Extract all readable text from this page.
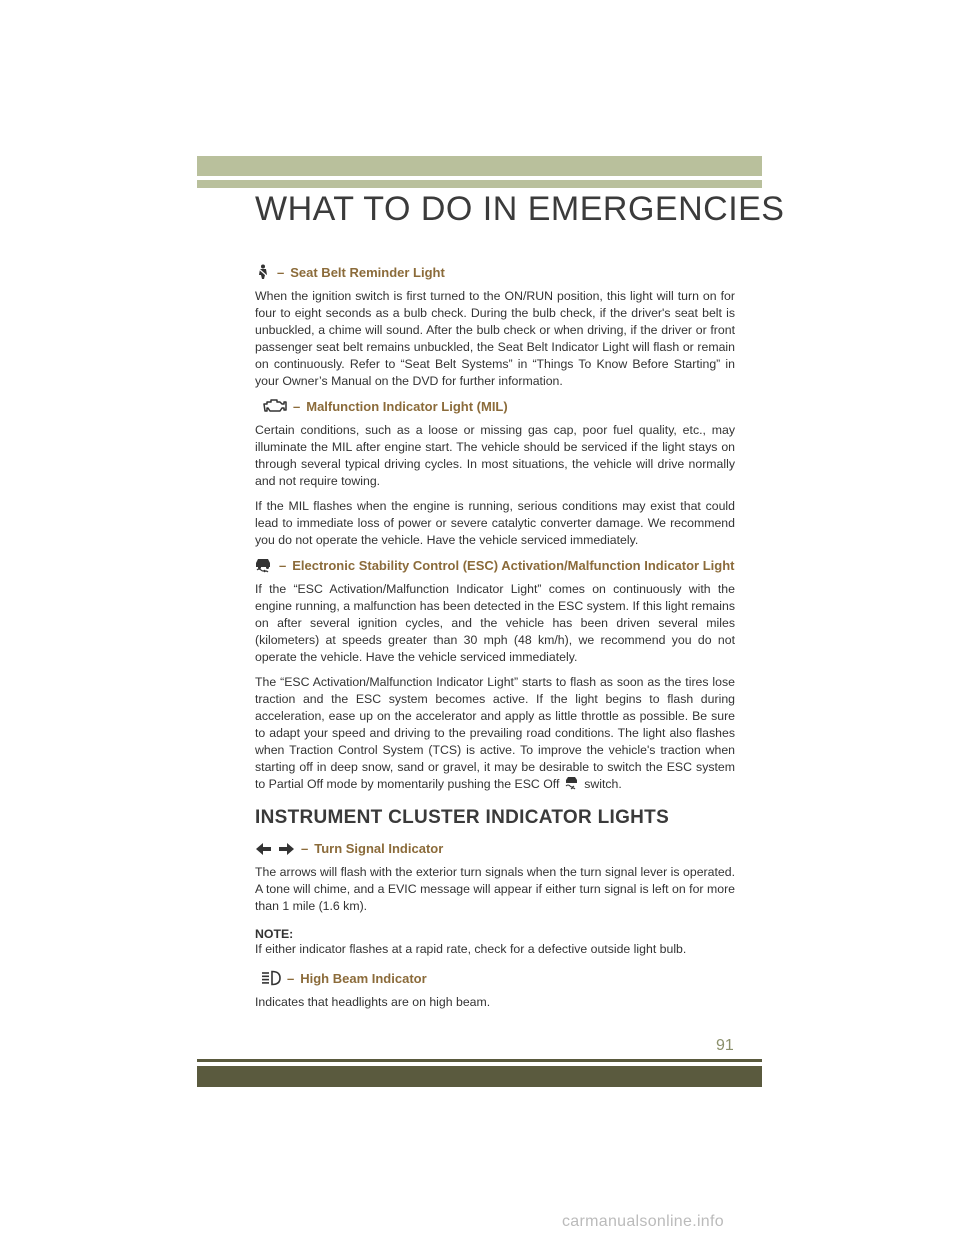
WHAT TO DO IN EMERGENCIES
– Seat Belt Reminder Light

When the ignition switch is first turned to the ON/RUN position, this light will turn on for four to eight seconds as a bulb check. During the bulb check, if the driver's seat belt is unbuckled, a chime will sound. After the bulb check or when driving, if the driver or front passenger seat belt remains unbuckled, the Seat Belt Indicator Light will flash or remain on continuously. Refer to “Seat Belt Systems” in “Things To Know Before Starting” in your Owner’s Manual on the DVD for further information.

– Malfunction Indicator Light (MIL)

Certain conditions, such as a loose or missing gas cap, poor fuel quality, etc., may illuminate the MIL after engine start. The vehicle should be serviced if the light stays on through several typical driving cycles. In most situations, the vehicle will drive normally and not require towing.

If the MIL flashes when the engine is running, serious conditions may exist that could lead to immediate loss of power or severe catalytic converter damage. We recommend you do not operate the vehicle. Have the vehicle serviced immediately.

– Electronic Stability Control (ESC) Activation/Malfunction Indicator Light

If the “ESC Activation/Malfunction Indicator Light” comes on continuously with the engine running, a malfunction has been detected in the ESC system. If this light remains on after several ignition cycles, and the vehicle has been driven several miles (kilometers) at speeds greater than 30 mph (48 km/h), we recommend you do not operate the vehicle. Have the vehicle serviced immediately.

The “ESC Activation/Malfunction Indicator Light” starts to flash as soon as the tires lose traction and the ESC system becomes active. If the light begins to flash during acceleration, ease up on the accelerator and apply as little throttle as possible. Be sure to adapt your speed and driving to the prevailing road conditions. The light also flashes when Traction Control System (TCS) is active. To improve the vehicle's traction when starting off in deep snow, sand or gravel, it may be desirable to switch the ESC system to Partial Off mode by momentarily pushing the ESC Off switch.

INSTRUMENT CLUSTER INDICATOR LIGHTS
– Turn Signal Indicator

The arrows will flash with the exterior turn signals when the turn signal lever is operated. A tone will chime, and a EVIC message will appear if either turn signal is left on for more than 1 mile (1.6 km).

NOTE:

If either indicator flashes at a rapid rate, check for a defective outside light bulb.

– High Beam Indicator

Indicates that headlights are on high beam.

91
carmanualsonline.info
